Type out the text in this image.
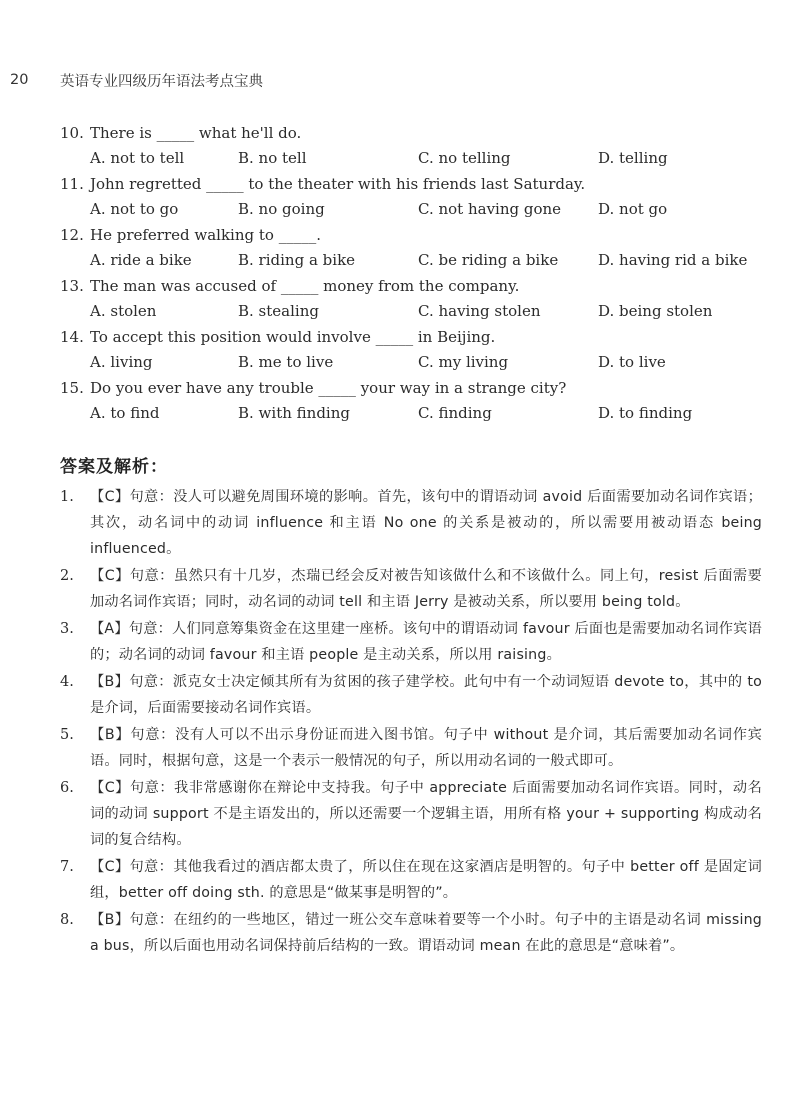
20	英语专业四级历年语法考点宝典
10. There is _____ what he'll do.
A. not to tell	B. no tell	C. no telling	D. telling
11. John regretted _____ to the theater with his friends last Saturday.
A. not to go	B. no going	C. not having gone D. not go
12. He preferred walking to _____.
A. ride a bike	B. riding a bike	C. be riding a bike	D. having rid a bike
13. The man was accused of _____ money from the company.
A. stolen	B. stealing	C. having stolen	D. being stolen
14. To accept this position would involve _____ in Beijing.
A. living	B. me to live	C. my living	D. to live
15. Do you ever have any trouble _____ your way in a strange city?
A. to find	B. with finding	C. finding	D. to finding
答案及解析：
1.	【C】句意：没人可以避免周围环境的影响。首先，该句中的谓语动词 avoid 后面需要加动名词作宾语；其次，动名词中的动词 influence 和主语 No one 的关系是被动的，所以需要用被动语态 being influenced。
2.	【C】句意：虽然只有十几岁，杰瑞已经会反对被告知该做什么和不该做什么。同上句，resist 后面需要加动名词作宾语；同时，动名词的动词 tell 和主语 Jerry 是被动关系，所以要用 being told。
3.	【A】句意：人们同意筹集资金在这里建一座桥。该句中的谓语动词 favour 后面也是需要加动名词作宾语的；动名词的动词 favour 和主语 people 是主动关系，所以用 raising。
4.	【B】句意：派克女士决定倾其所有为贫困的孩子建学校。此句中有一个动词短语 devote to，其中的 to 是介词，后面需要接动名词作宾语。
5.	【B】句意：没有人可以不出示身份证而进入图书馆。句子中 without 是介词，其后需要加动名词作宾语。同时，根据句意，这是一个表示一般情况的句子，所以用动名词的一般式即可。
6.	【C】句意：我非常感谢你在辩论中支持我。句子中 appreciate 后面需要加动名词作宾语。同时，动名词的动词 support 不是主语发出的，所以还需要一个逻辑主语，用所有格 your + supporting 构成动名词的复合结构。
7.	【C】句意：其他我看过的酒店都太贵了，所以住在现在这家酒店是明智的。句子中 better off 是固定词组，better off doing sth. 的意思是“做某事是明智的”。
8.	【B】句意：在纽约的一些地区，错过一班公交车意味着要等一个小时。句子中的主语是动名词 missing a bus，所以后面也用动名词保持前后结构的一致。谓语动词 mean 在此的意思是“意味着”。
